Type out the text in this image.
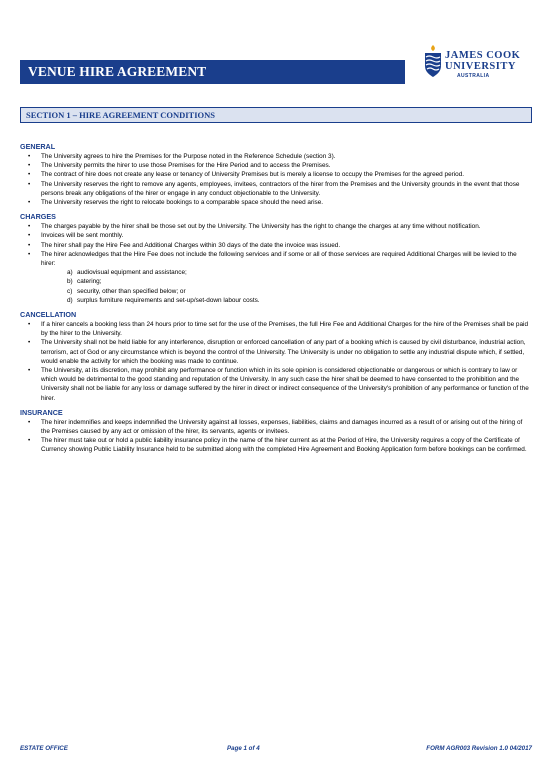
VENUE HIRE AGREEMENT
JAMES COOK
UNIVERSITY
AUSTRALIA
SECTION 1 – HIRE AGREEMENT CONDITIONS
GENERAL
• The University agrees to hire the Premises for the Purpose noted in the Reference Schedule (section 3).
• The University permits the hirer to use those Premises for the Hire Period and to access the Premises.
• The contract of hire does not create any lease or tenancy of University Premises but is merely a license to occupy the Premises for the agreed period.
• The University reserves the right to remove any agents, employees, invitees, contractors of the hirer from the Premises and the University grounds in the event that those persons break any obligations of the hirer or engage in any conduct objectionable to the University.
• The University reserves the right to relocate bookings to a comparable space should the need arise.
CHARGES
• The charges payable by the hirer shall be those set out by the University. The University has the right to change the charges at any time without notification.
• Invoices will be sent monthly.
• The hirer shall pay the Hire Fee and Additional Charges within 30 days of the date the invoice was issued.
• The hirer acknowledges that the Hire Fee does not include the following services and if some or all of those services are required Additional Charges will be levied to the hirer:
a) audiovisual equipment and assistance;
b) catering;
c) security, other than specified below; or
d) surplus furniture requirements and set-up/set-down labour costs.
CANCELLATION
• If a hirer cancels a booking less than 24 hours prior to time set for the use of the Premises, the full Hire Fee and Additional Charges for the hire of the Premises shall be paid by the hirer to the University.
• The University shall not be held liable for any interference, disruption or enforced cancellation of any part of a booking which is caused by civil disturbance, industrial action, terrorism, act of God or any circumstance which is beyond the control of the University. The University is under no obligation to settle any industrial dispute which, if settled, would enable the activity for which the booking was made to continue.
• The University, at its discretion, may prohibit any performance or function which in its sole opinion is considered objectionable or dangerous or which is contrary to law or which would be detrimental to the good standing and reputation of the University. In any such case the hirer shall be deemed to have consented to the prohibition and the University shall not be liable for any loss or damage suffered by the hirer in direct or indirect consequence of the University's prohibition of any performance or function of the hirer.
INSURANCE
• The hirer indemnifies and keeps indemnified the University against all losses, expenses, liabilities, claims and damages incurred as a result of or arising out of the hiring of the Premises caused by any act or omission of the hirer, its servants, agents or invitees.
• The hirer must take out or hold a public liability insurance policy in the name of the hirer current as at the Period of Hire, the University requires a copy of the Certificate of Currency showing Public Liability Insurance held to be submitted along with the completed Hire Agreement and Booking Application form before bookings can be confirmed.
ESTATE OFFICE	Page 1 of 4	FORM AGR003 Revision 1.0 04/2017
